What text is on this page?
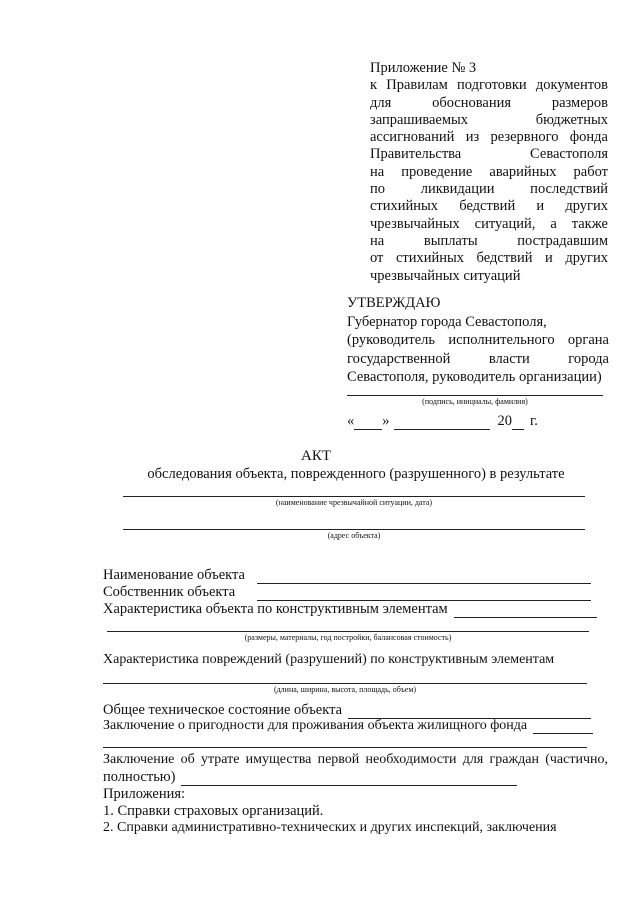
Приложение № 3
к Правилам подготовки документов
для обоснования размеров
запрашиваемых бюджетных
ассигнований из резервного фонда
Правительства Севастополя
на проведение аварийных работ
по ликвидации последствий
стихийных бедствий и других
чрезвычайных ситуаций, а также
на выплаты пострадавшим
от стихийных бедствий и других
чрезвычайных ситуаций
УТВЕРЖДАЮ
Губернатор города Севастополя,
(руководитель исполнительного органа
государственной власти города
Севастополя, руководитель организации)
(подпись, инициалы, фамилия)
« »	20 г.
АКТ
обследования объекта, поврежденного (разрушенного) в результате
(наименование чрезвычайной ситуации, дата)
(адрес объекта)
Наименование объекта
Собственник объекта
Характеристика объекта по конструктивным элементам
(размеры, материалы, год постройки, балансовая стоимость)
Характеристика повреждений (разрушений) по конструктивным элементам
(длина, ширина, высота, площадь, объем)
Общее техническое состояние объекта
Заключение о пригодности для проживания объекта жилищного фонда
Заключение об утрате имущества первой необходимости для граждан (частично,
полностью)
Приложения:
1. Справки страховых организаций.
2. Справки административно-технических и других инспекций, заключения
